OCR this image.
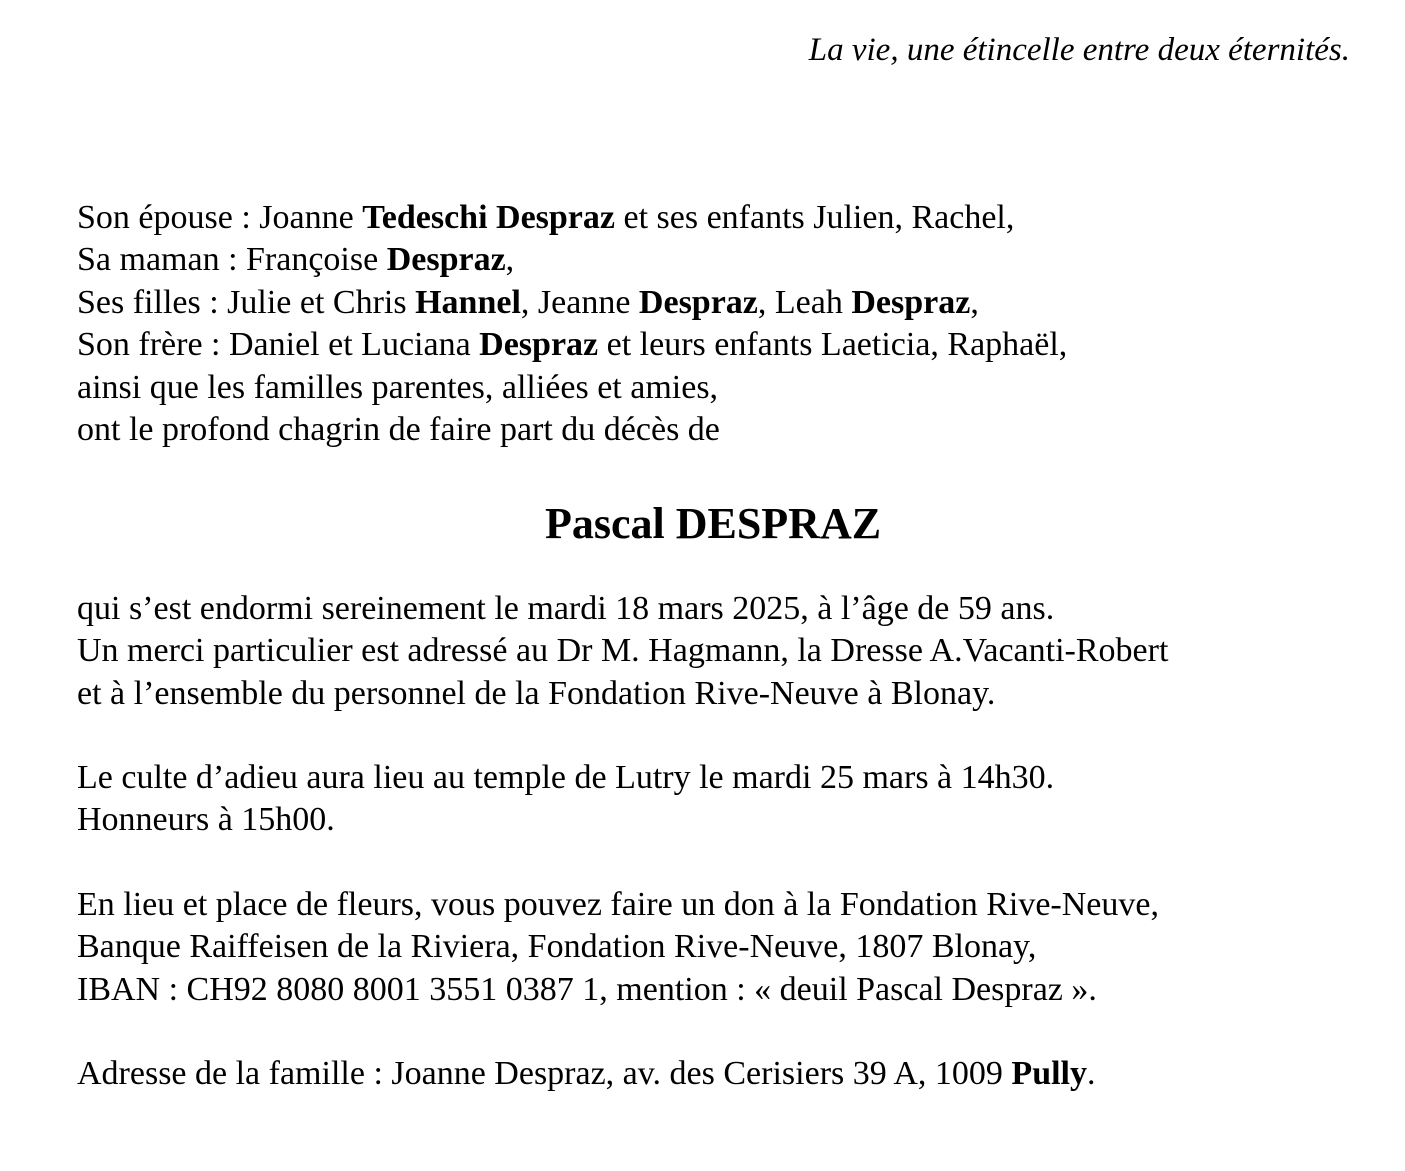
La vie, une étincelle entre deux éternités.
Son épouse : Joanne Tedeschi Despraz et ses enfants Julien, Rachel,
Sa maman : Françoise Despraz,
Ses filles : Julie et Chris Hannel, Jeanne Despraz, Leah Despraz,
Son frère : Daniel et Luciana Despraz et leurs enfants Laeticia, Raphaël,
ainsi que les familles parentes, alliées et amies,
ont le profond chagrin de faire part du décès de
Pascal DESPRAZ
qui s’est endormi sereinement le mardi 18 mars 2025, à l’âge de 59 ans.
Un merci particulier est adressé au Dr M. Hagmann, la Dresse A.Vacanti-Robert
et à l’ensemble du personnel de la Fondation Rive-Neuve à Blonay.
Le culte d’adieu aura lieu au temple de Lutry le mardi 25 mars à 14h30.
Honneurs à 15h00.
En lieu et place de fleurs, vous pouvez faire un don à la Fondation Rive-Neuve,
Banque Raiffeisen de la Riviera, Fondation Rive-Neuve, 1807 Blonay,
IBAN : CH92 8080 8001 3551 0387 1, mention : « deuil Pascal Despraz ».
Adresse de la famille : Joanne Despraz, av. des Cerisiers 39 A, 1009 Pully.
